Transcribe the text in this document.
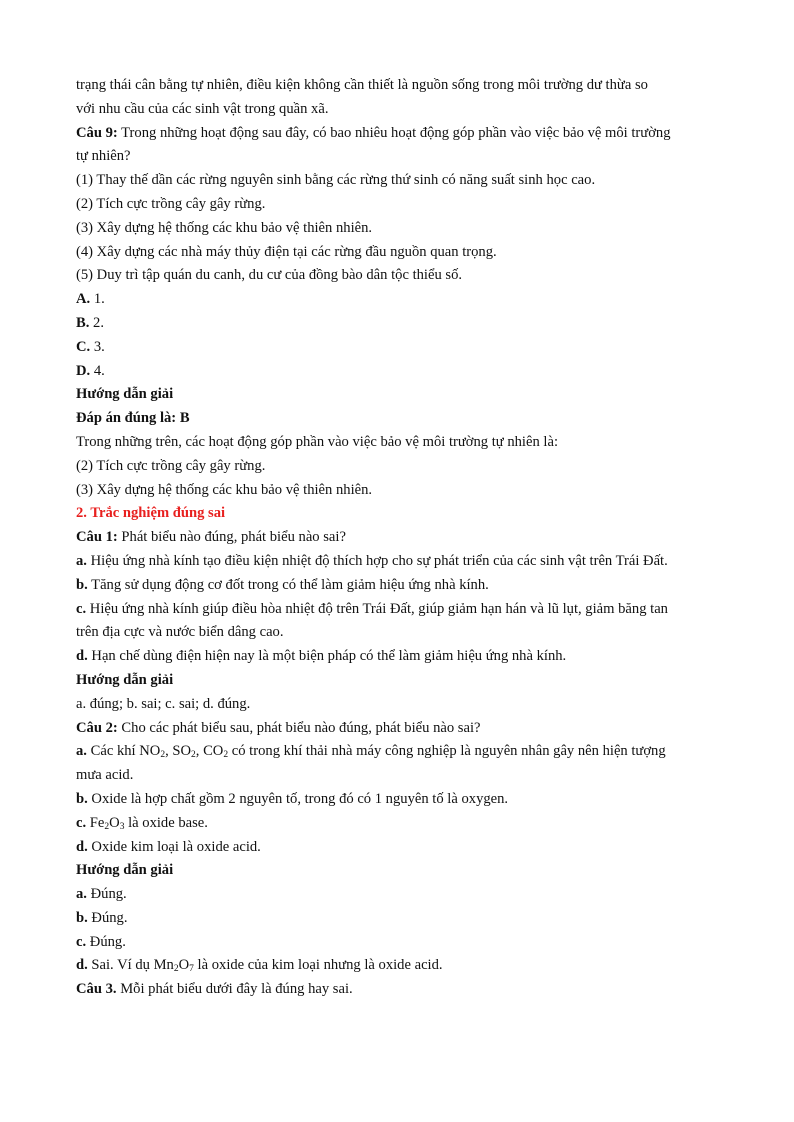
trạng thái cân bằng tự nhiên, điều kiện không cần thiết là nguồn sống trong môi trường dư thừa so
với nhu cầu của các sinh vật trong quần xã.
Câu 9: Trong những hoạt động sau đây, có bao nhiêu hoạt động góp phần vào việc bảo vệ môi trường
tự nhiên?
(1) Thay thế dần các rừng nguyên sinh bằng các rừng thứ sinh có năng suất sinh học cao.
(2) Tích cực trồng cây gây rừng.
(3) Xây dựng hệ thống các khu bảo vệ thiên nhiên.
(4) Xây dựng các nhà máy thủy điện tại các rừng đầu nguồn quan trọng.
(5) Duy trì tập quán du canh, du cư của đồng bào dân tộc thiểu số.
A. 1.
B. 2.
C. 3.
D. 4.
Hướng dẫn giải
Đáp án đúng là: B
Trong những trên, các hoạt động góp phần vào việc bảo vệ môi trường tự nhiên là:
(2) Tích cực trồng cây gây rừng.
(3) Xây dựng hệ thống các khu bảo vệ thiên nhiên.
2. Trắc nghiệm đúng sai
Câu 1: Phát biểu nào đúng, phát biểu nào sai?
a. Hiệu ứng nhà kính tạo điều kiện nhiệt độ thích hợp cho sự phát triển của các sinh vật trên Trái Đất.
b. Tăng sử dụng động cơ đốt trong có thể làm giảm hiệu ứng nhà kính.
c. Hiệu ứng nhà kính giúp điều hòa nhiệt độ trên Trái Đất, giúp giảm hạn hán và lũ lụt, giảm băng tan
trên địa cực và nước biển dâng cao.
d. Hạn chế dùng điện hiện nay là một biện pháp có thể làm giảm hiệu ứng nhà kính.
Hướng dẫn giải
a. đúng; b. sai; c. sai; d. đúng.
Câu 2: Cho các phát biểu sau, phát biểu nào đúng, phát biểu nào sai?
a. Các khí $NO_2$, $SO_2$, $CO_2$ có trong khí thải nhà máy công nghiệp là nguyên nhân gây nên hiện tượng
mưa acid.
b. Oxide là hợp chất gồm 2 nguyên tố, trong đó có 1 nguyên tố là oxygen.
c. $Fe_2O_3$ là oxide base.
d. Oxide kim loại là oxide acid.
Hướng dẫn giải
a. Đúng.
b. Đúng.
c. Đúng.
d. Sai. Ví dụ $Mn_2O_7$ là oxide của kim loại nhưng là oxide acid.
Câu 3. Mỗi phát biểu dưới đây là đúng hay sai.
